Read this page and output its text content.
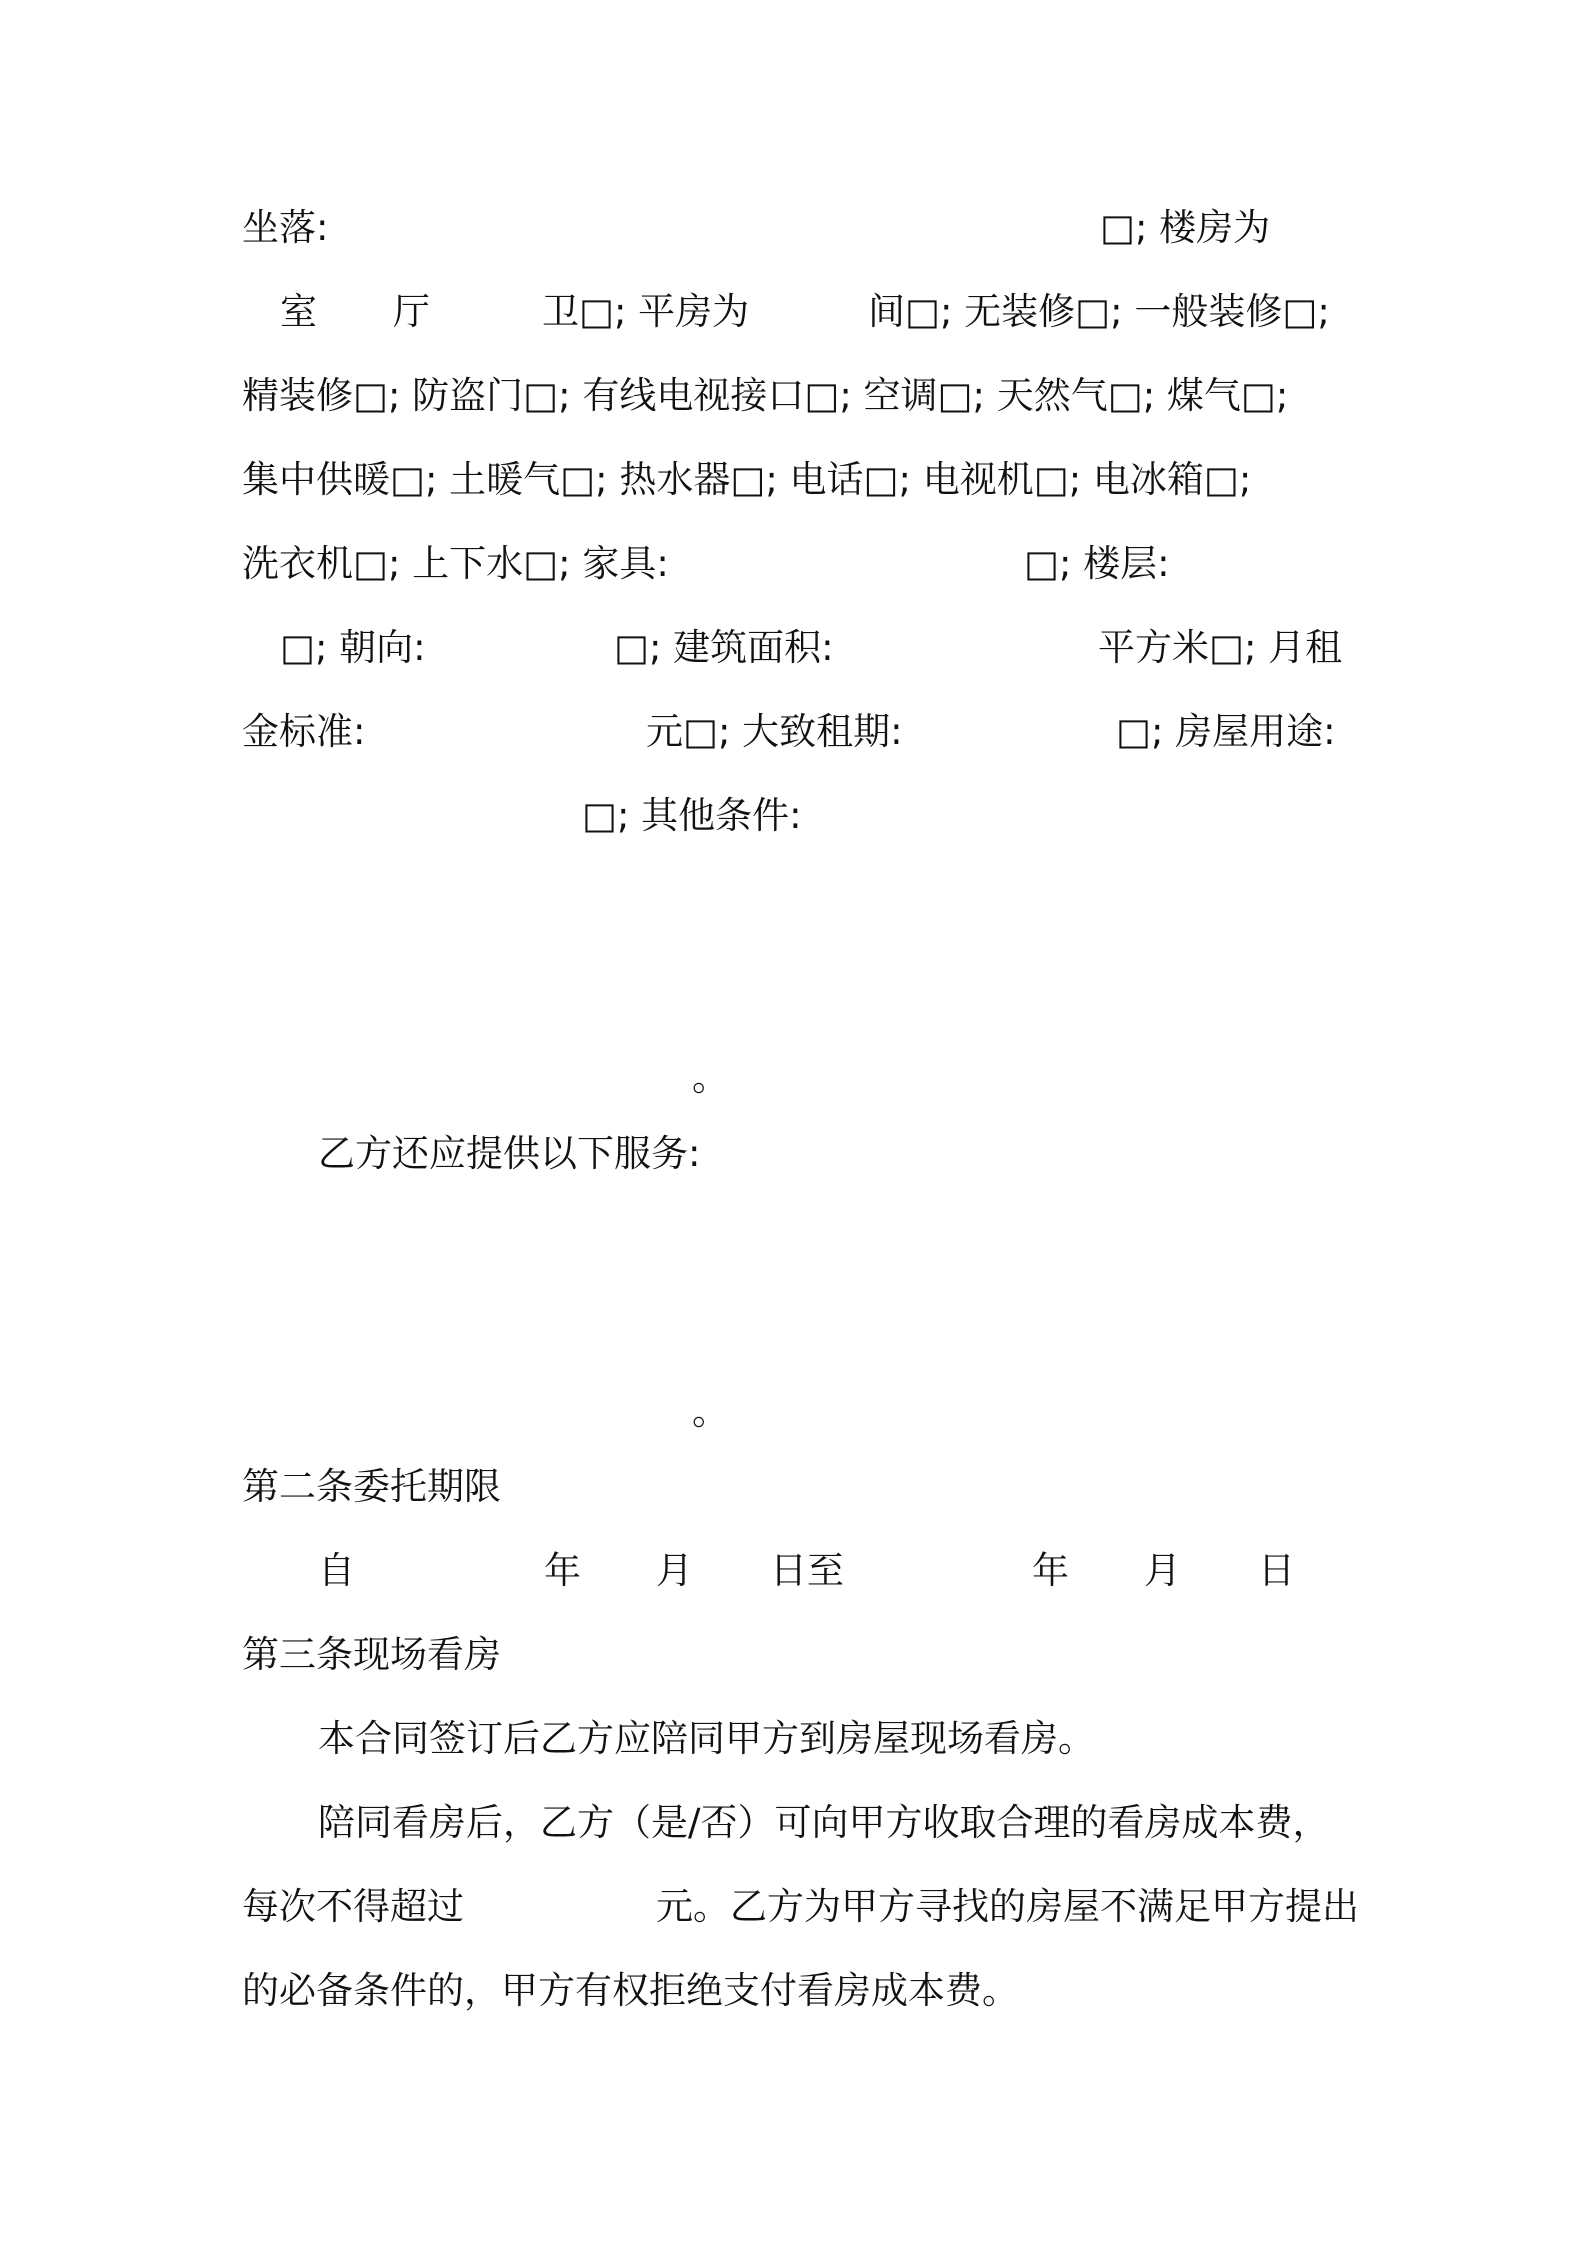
坐落:	□; 楼房为
室 厅	卫□; 平房为	间□; 无装修□; 一般装修□;
精装修□; 防盗门□; 有线电视接口□; 空调□; 天然气□; 煤气□;
集中供暖□; 土暖气□; 热水器□; 电话□; 电视机□; 电冰箱□;
洗衣机□; 上下水□; 家具:	□; 楼层:
□; 朝向:	□; 建筑面积:	平方米□; 月租
金标准:	元□; 大致租期:	□; 房屋用途:
□; 其他条件:
。
乙方还应提供以下服务:
。
第二条委托期限
自	年 月 日至	年 月 日
第三条现场看房
本合同签订后乙方应陪同甲方到房屋现场看房。
陪同看房后，乙方（是/否）可向甲方收取合理的看房成本费，
每次不得超过	元。乙方为甲方寻找的房屋不满足甲方提出
的必备条件的，甲方有权拒绝支付看房成本费。
